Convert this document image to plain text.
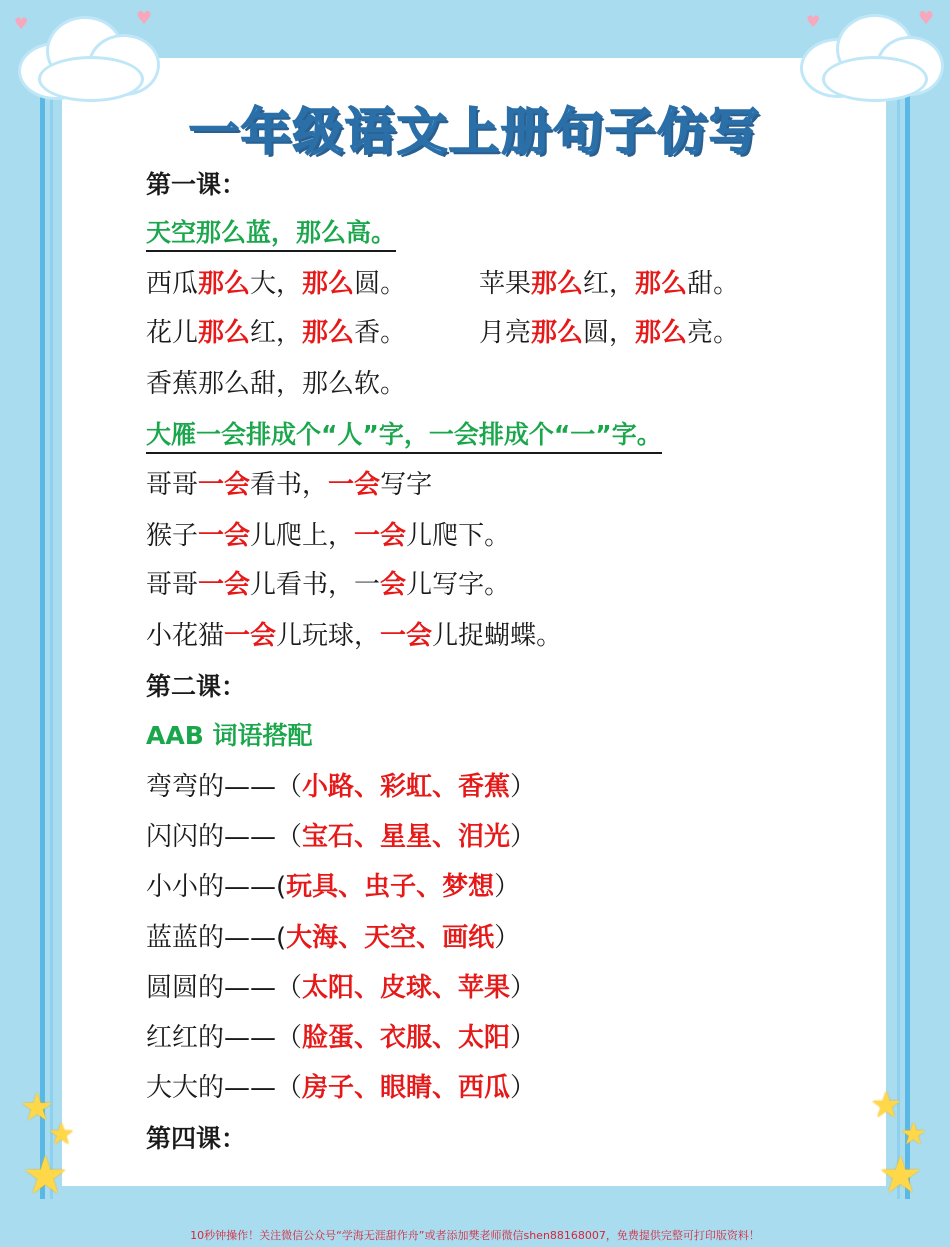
♥	♥	♥	♥
★
★
★
★
★
★
一年级语文上册句子仿写
第一课：
天空那么蓝，那么高。
西瓜那么大，那么圆。	苹果那么红，那么甜。
花儿那么红，那么香。	月亮那么圆，那么亮。
香蕉那么甜，那么软。
大雁一会排成个“人”字，一会排成个“一”字。
哥哥一会看书，一会写字
猴子一会儿爬上，一会儿爬下。
哥哥一会儿看书，一会儿写字。
小花猫一会儿玩球，一会儿捉蝴蝶。
第二课：
AAB 词语搭配
弯弯的——（小路、彩虹、香蕉）
闪闪的——（宝石、星星、泪光）
小小的——(玩具、虫子、梦想）
蓝蓝的——(大海、天空、画纸）
圆圆的——（太阳、皮球、苹果）
红红的——（脸蛋、衣服、太阳）
大大的——（房子、眼睛、西瓜）
第四课：
10秒钟操作！关注微信公众号“学海无涯甜作舟”或者添加樊老师微信shen88168007，免费提供完整可打印版资料！
